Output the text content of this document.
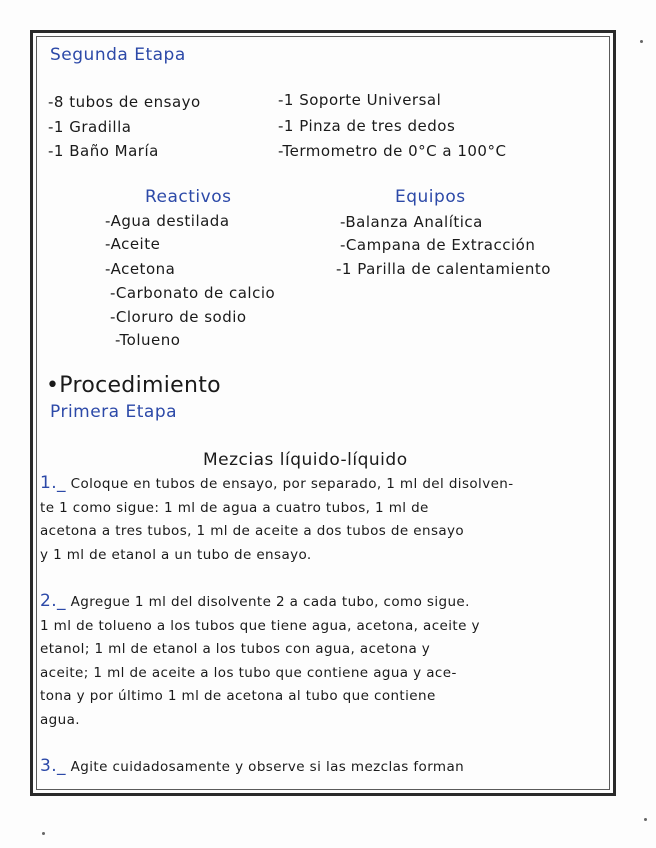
Segunda Etapa
-8 tubos de ensayo
-1 Gradilla
-1 Baño María
-1 Soporte Universal
-1 Pinza de tres dedos
-Termometro de 0°C a 100°C
Reactivos
-Agua destilada
-Aceite
-Acetona
-Carbonato de calcio
-Cloruro de sodio
-Tolueno
Equipos
-Balanza Analítica
-Campana de Extracción
-1 Parilla de calentamiento
•Procedimiento
Primera Etapa
Mezcias líquido-líquido
1._ Coloque en tubos de ensayo, por separado, 1 ml del disolven-
te 1 como sigue: 1 ml de agua a cuatro tubos, 1 ml de
acetona a tres tubos, 1 ml de aceite a dos tubos de ensayo
y 1 ml de etanol a un tubo de ensayo.
2._ Agregue 1 ml del disolvente 2 a cada tubo, como sigue.
1 ml de tolueno a los tubos que tiene agua, acetona, aceite y
etanol; 1 ml de etanol a los tubos con agua, acetona y
aceite; 1 ml de aceite a los tubo que contiene agua y ace-
tona y por último 1 ml de acetona al tubo que contiene
agua.
3._ Agite cuidadosamente y observe si las mezclas forman
